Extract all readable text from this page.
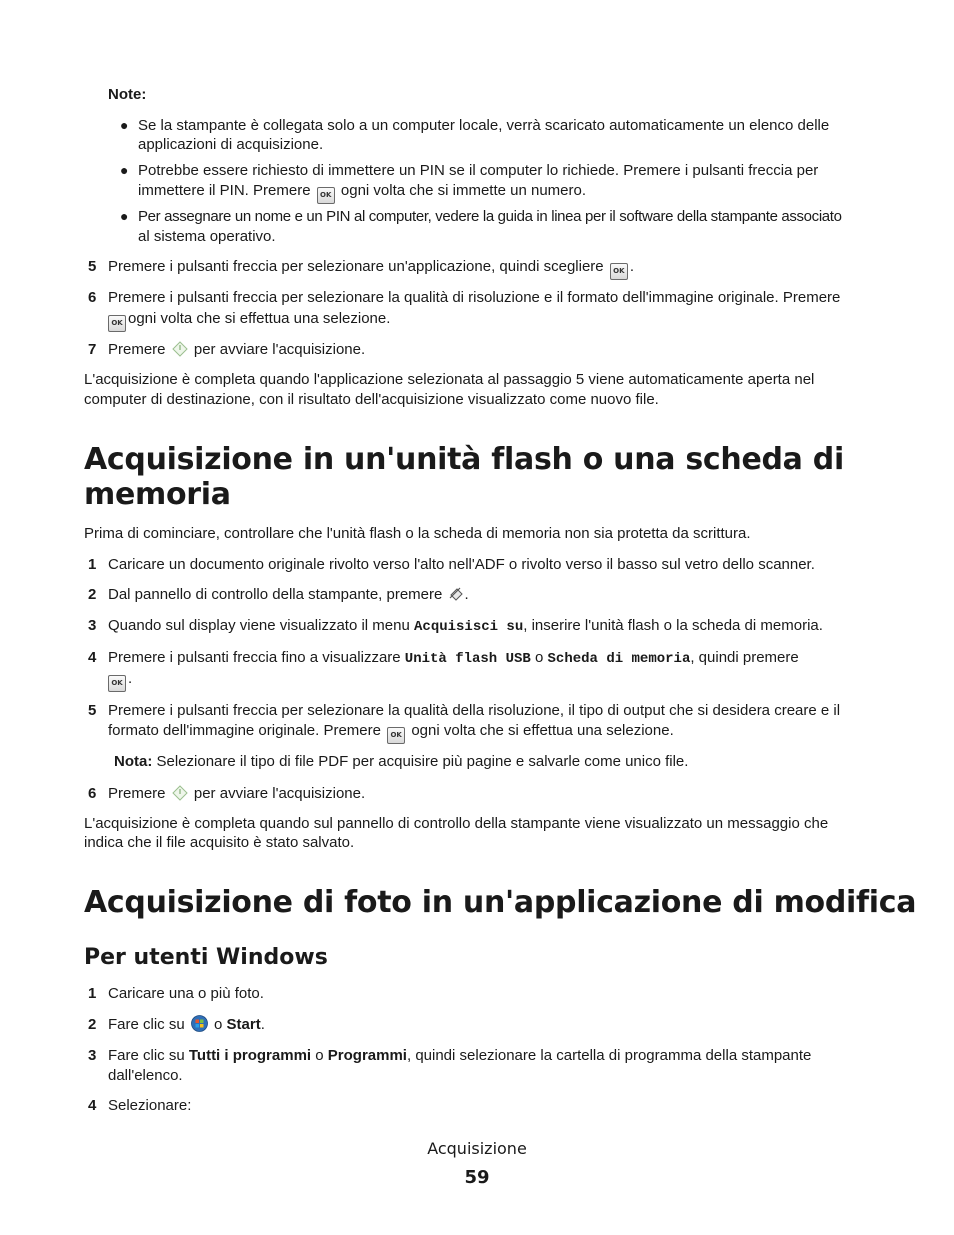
Note:
● Se la stampante è collegata solo a un computer locale, verrà scaricato automaticamente un elenco delle
applicazioni di acquisizione.
● Potrebbe essere richiesto di immettere un PIN se il computer lo richiede. Premere i pulsanti freccia per
immettere il PIN. Premere OK ogni volta che si immette un numero.
● Per assegnare un nome e un PIN al computer, vedere la guida in linea per il software della stampante associato
al sistema operativo.
5 Premere i pulsanti freccia per selezionare un'applicazione, quindi scegliere OK .
6 Premere i pulsanti freccia per selezionare la qualità di risoluzione e il formato dell'immagine originale. Premere
OK ogni volta che si effettua una selezione.
7 Premere per avviare l'acquisizione.
L'acquisizione è completa quando l'applicazione selezionata al passaggio 5 viene automaticamente aperta nel
computer di destinazione, con il risultato dell'acquisizione visualizzato come nuovo file.
Acquisizione in un'unità flash o una scheda di
memoria
Prima di cominciare, controllare che l'unità flash o la scheda di memoria non sia protetta da scrittura.
1 Caricare un documento originale rivolto verso l'alto nell'ADF o rivolto verso il basso sul vetro dello scanner.
2 Dal pannello di controllo della stampante, premere .
3 Quando sul display viene visualizzato il menu Acquisisci su, inserire l'unità flash o la scheda di memoria.
4 Premere i pulsanti freccia fino a visualizzare Unità flash USB o Scheda di memoria, quindi premere
OK .
5 Premere i pulsanti freccia per selezionare la qualità della risoluzione, il tipo di output che si desidera creare e il
formato dell'immagine originale. Premere OK ogni volta che si effettua una selezione.
Nota: Selezionare il tipo di file PDF per acquisire più pagine e salvarle come unico file.
6 Premere per avviare l'acquisizione.
L'acquisizione è completa quando sul pannello di controllo della stampante viene visualizzato un messaggio che
indica che il file acquisito è stato salvato.
Acquisizione di foto in un'applicazione di modifica
Per utenti Windows
1 Caricare una o più foto.
2 Fare clic su o Start.
3 Fare clic su Tutti i programmi o Programmi, quindi selezionare la cartella di programma della stampante
dall'elenco.
4 Selezionare:
Acquisizione
59
